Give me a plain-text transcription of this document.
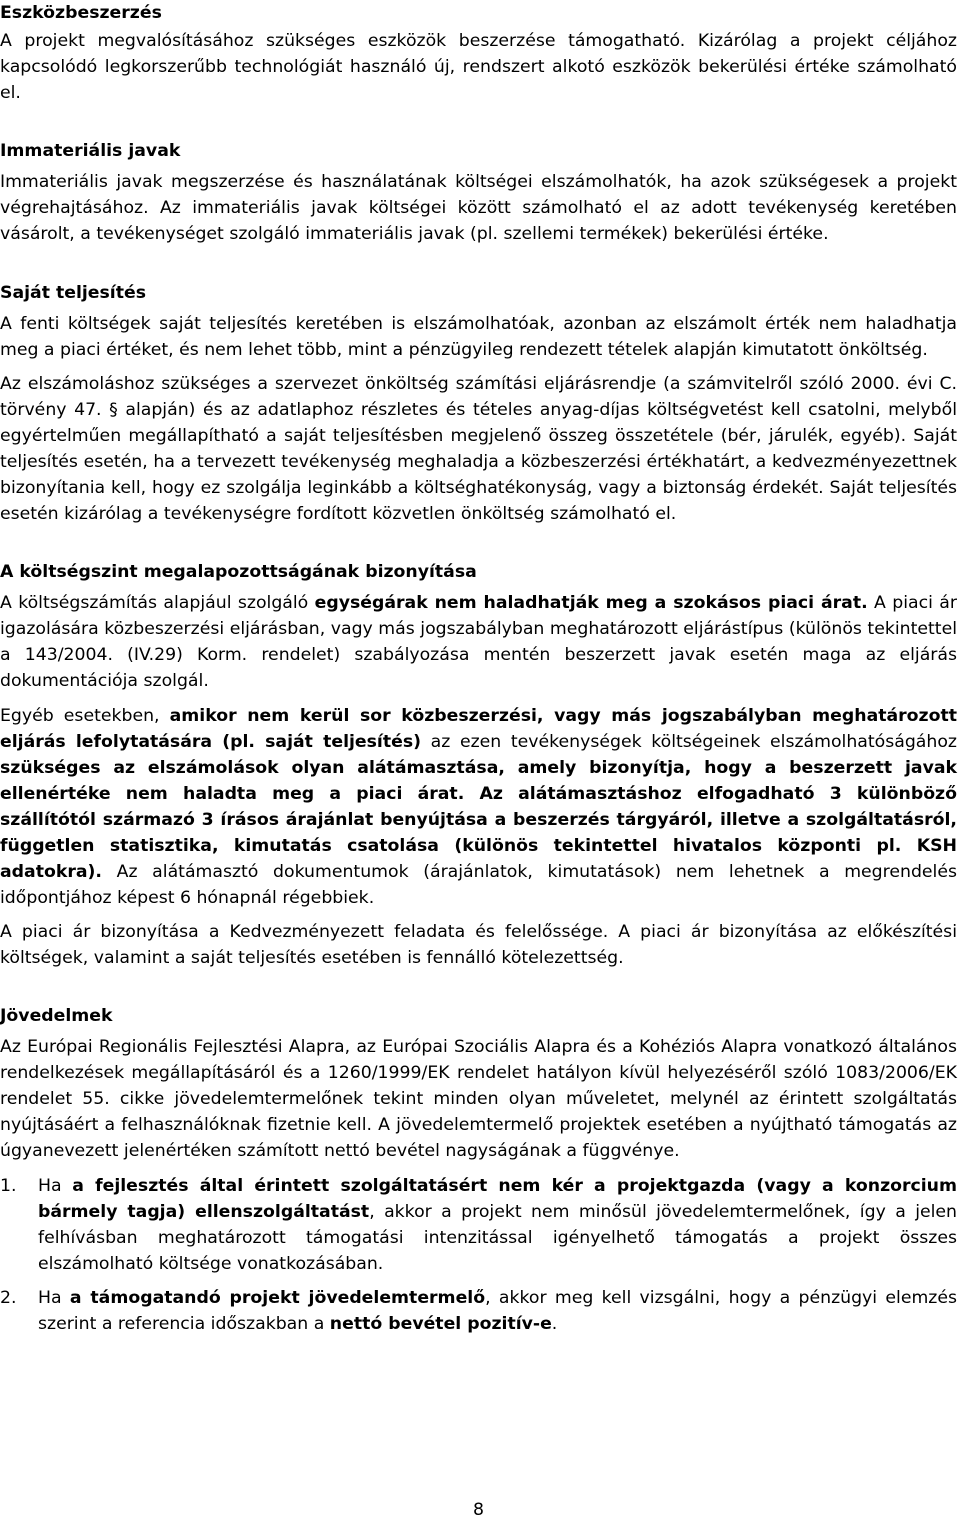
Eszközbeszerzés

A projekt megvalósításához szükséges eszközök beszerzése támogatható. Kizárólag a projekt céljához kapcsolódó legkorszerűbb technológiát használó új, rendszert alkotó eszközök bekerülési értéke számolható el.

Immateriális javak

Immateriális javak megszerzése és használatának költségei elszámolhatók, ha azok szükségesek a projekt végrehajtásához. Az immateriális javak költségei között számolható el az adott tevékenység keretében vásárolt, a tevékenységet szolgáló immateriális javak (pl. szellemi termékek) bekerülési értéke.

Saját teljesítés

A fenti költségek saját teljesítés keretében is elszámolhatóak, azonban az elszámolt érték nem haladhatja meg a piaci értéket, és nem lehet több, mint a pénzügyileg rendezett tételek alapján kimutatott önköltség.

Az elszámoláshoz szükséges a szervezet önköltség számítási eljárásrendje (a számvitelről szóló 2000. évi C. törvény 47. § alapján) és az adatlaphoz részletes és tételes anyag-díjas költségvetést kell csatolni, melyből egyértelműen megállapítható a saját teljesítésben megjelenő összeg összetétele (bér, járulék, egyéb). Saját teljesítés esetén, ha a tervezett tevékenység meghaladja a közbeszerzési értékhatárt, a kedvezményezettnek bizonyítania kell, hogy ez szolgálja leginkább a költséghatékonyság, vagy a biztonság érdekét. Saját teljesítés esetén kizárólag a tevékenységre fordított közvetlen önköltség számolható el.

A költségszint megalapozottságának bizonyítása

A költségszámítás alapjául szolgáló egységárak nem haladhatják meg a szokásos piaci árat. A piaci ár igazolására közbeszerzési eljárásban, vagy más jogszabályban meghatározott eljárástípus (különös tekintettel a 143/2004. (IV.29) Korm. rendelet) szabályozása mentén beszerzett javak esetén maga az eljárás dokumentációja szolgál.

Egyéb esetekben, amikor nem kerül sor közbeszerzési, vagy más jogszabályban meghatározott eljárás lefolytatására (pl. saját teljesítés) az ezen tevékenységek költségeinek elszámolhatóságához szükséges az elszámolások olyan alátámasztása, amely bizonyítja, hogy a beszerzett javak ellenértéke nem haladta meg a piaci árat. Az alátámasztáshoz elfogadható 3 különböző szállítótól származó 3 írásos árajánlat benyújtása a beszerzés tárgyáról, illetve a szolgáltatásról, független statisztika, kimutatás csatolása (különös tekintettel hivatalos központi pl. KSH adatokra). Az alátámasztó dokumentumok (árajánlatok, kimutatások) nem lehetnek a megrendelés időpontjához képest 6 hónapnál régebbiek.

A piaci ár bizonyítása a Kedvezményezett feladata és felelőssége. A piaci ár bizonyítása az előkészítési költségek, valamint a saját teljesítés esetében is fennálló kötelezettség.

Jövedelmek

Az Európai Regionális Fejlesztési Alapra, az Európai Szociális Alapra és a Kohéziós Alapra vonatkozó általános rendelkezések megállapításáról és a 1260/1999/EK rendelet hatályon kívül helyezéséről szóló 1083/2006/EK rendelet 55. cikke jövedelemtermelőnek tekint minden olyan műveletet, melynél az érintett szolgáltatás nyújtásáért a felhasználóknak fizetnie kell. A jövedelemtermelő projektek esetében a nyújtható támogatás az úgyanevezett jelenértéken számított nettó bevétel nagyságának a függvénye.

1. Ha a fejlesztés által érintett szolgáltatásért nem kér a projektgazda (vagy a konzorcium bármely tagja) ellenszolgáltatást, akkor a projekt nem minősül jövedelemtermelőnek, így a jelen felhívásban meghatározott támogatási intenzitással igényelhető támogatás a projekt összes elszámolható költsége vonatkozásában.

2. Ha a támogatandó projekt jövedelemtermelő, akkor meg kell vizsgálni, hogy a pénzügyi elemzés szerint a referencia időszakban a nettó bevétel pozitív-e.

8
